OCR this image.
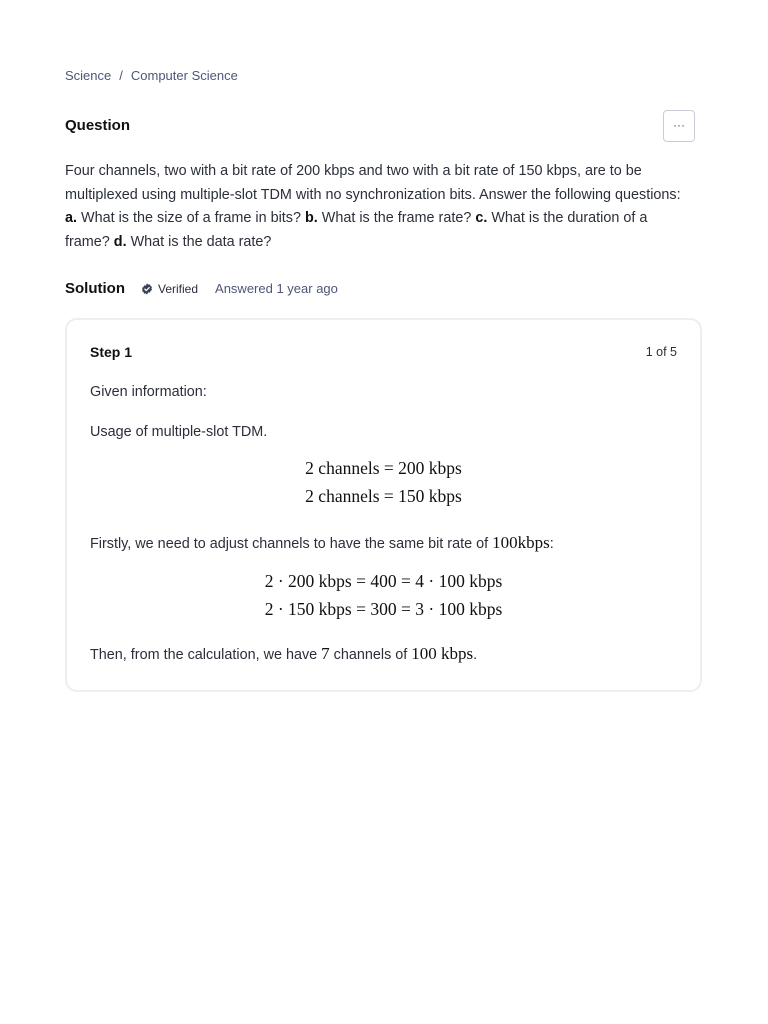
Science / Computer Science
Question	···
Four channels, two with a bit rate of 200 kbps and two with a bit rate of 150 kbps, are to be multiplexed using multiple-slot TDM with no synchronization bits. Answer the following questions: a. What is the size of a frame in bits? b. What is the frame rate? c. What is the duration of a frame? d. What is the data rate?
Solution	Verified Answered 1 year ago
Step 1	1 of 5
Given information:
Usage of multiple-slot TDM.
2 channels = 200 kbps
2 channels = 150 kbps
Firstly, we need to adjust channels to have the same bit rate of 100kbps:
2 · 200 kbps = 400 = 4 · 100 kbps
2 · 150 kbps = 300 = 3 · 100 kbps
Then, from the calculation, we have 7 channels of 100 kbps.
